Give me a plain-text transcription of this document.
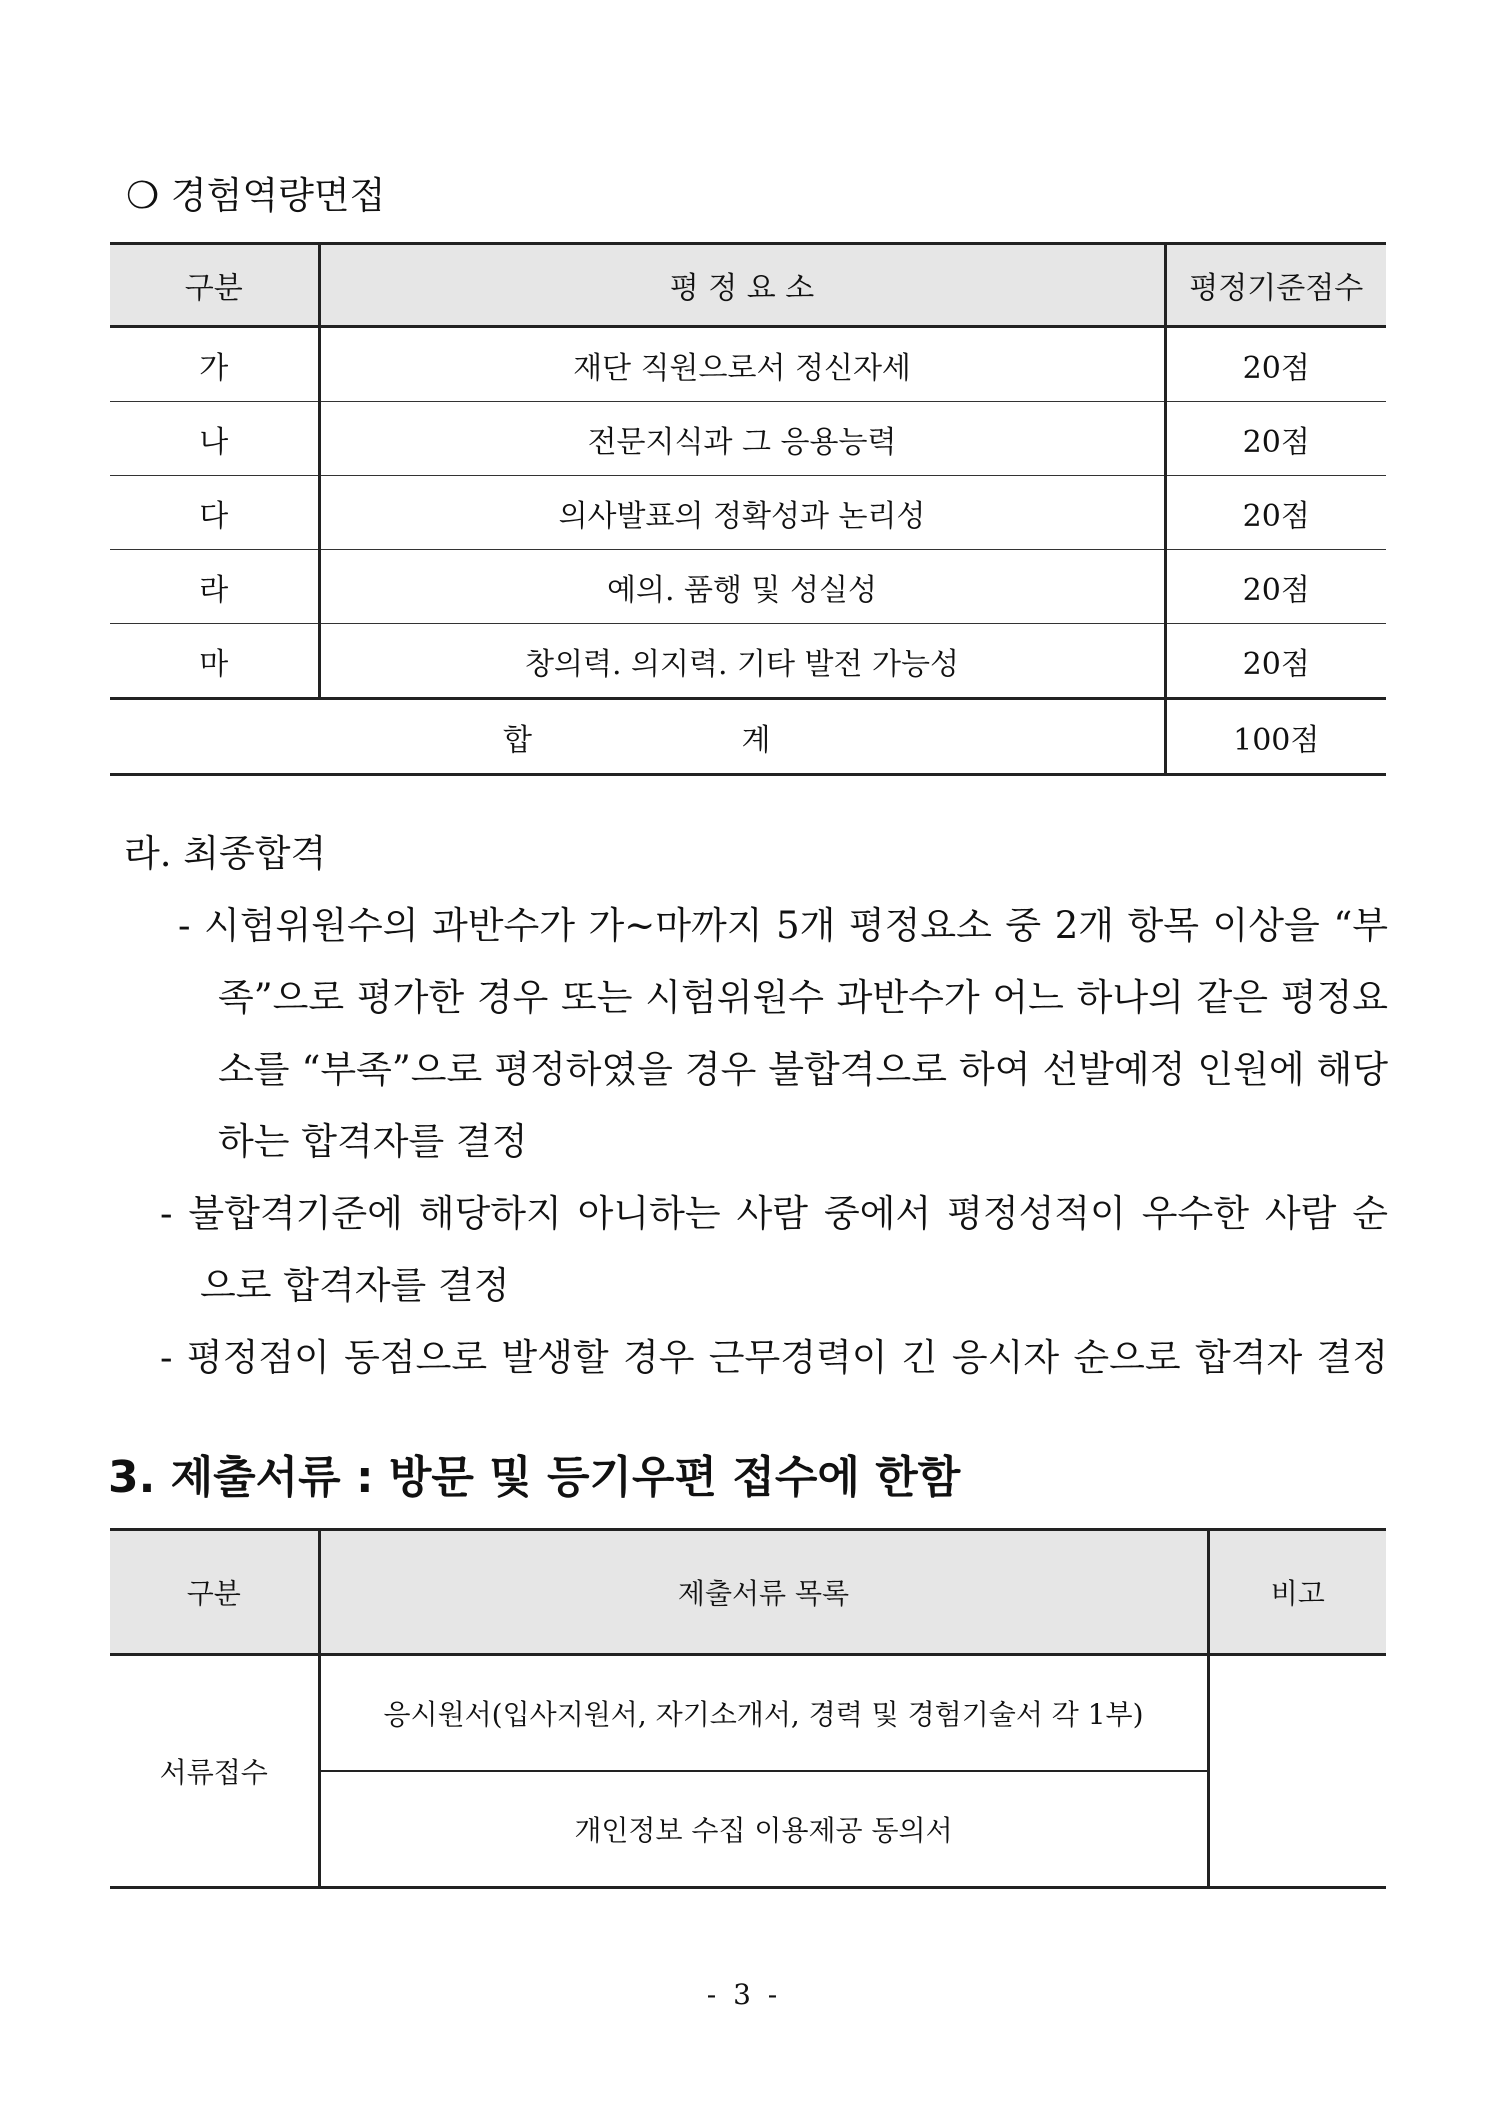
❍ 경험역량면접
구분	평 정 요 소	평정기준점수
가	재단 직원으로서 정신자세	20점
나	전문지식과 그 응용능력	20점
다	의사발표의 정확성과 논리성	20점
라	예의. 품행 및 성실성	20점
마	창의력. 의지력. 기타 발전 가능성	20점
합 계		100점
라. 최종합격
- 시험위원수의 과반수가 가~마까지 5개 평정요소 중 2개 항목 이상을 “부
족”으로 평가한 경우 또는 시험위원수 과반수가 어느 하나의 같은 평정요
소를 “부족”으로 평정하였을 경우 불합격으로 하여 선발예정 인원에 해당
하는 합격자를 결정
- 불합격기준에 해당하지 아니하는 사람 중에서 평정성적이 우수한 사람 순
으로 합격자를 결정
- 평정점이 동점으로 발생할 경우 근무경력이 긴 응시자 순으로 합격자 결정
3. 제출서류 : 방문 및 등기우편 접수에 한함
구분	제출서류 목록	비고
서류접수	응시원서(입사지원서, 자기소개서, 경력 및 경험기술서 각 1부)	
	개인정보 수집 이용제공 동의서	
- 3 -
